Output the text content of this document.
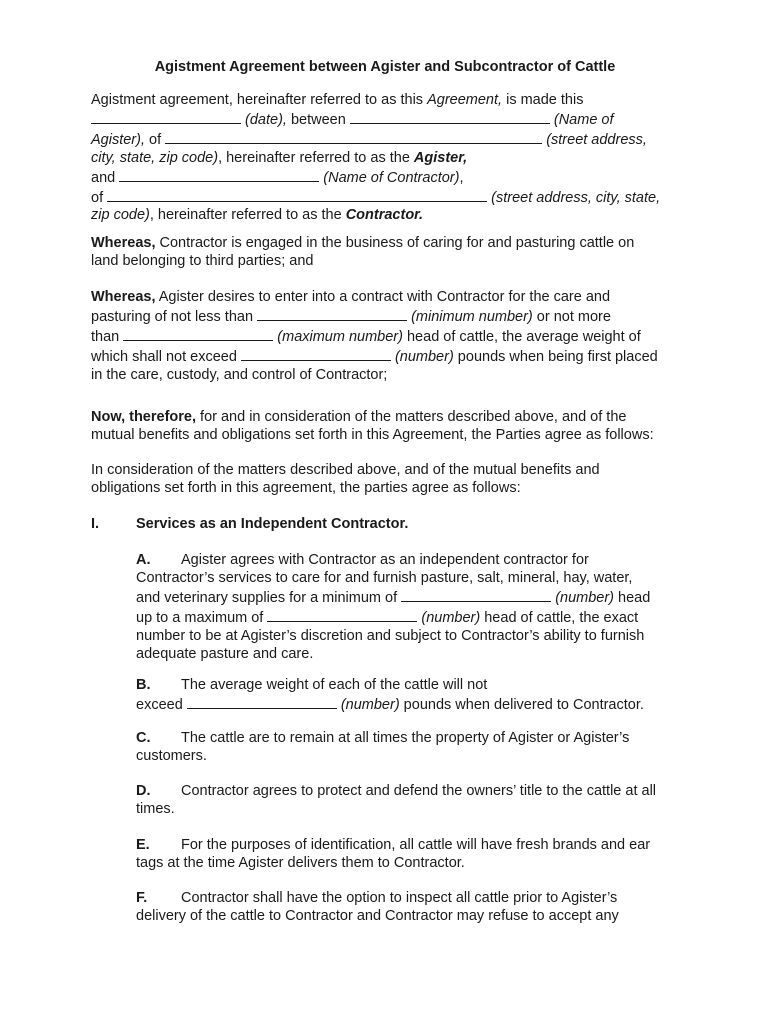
Agistment Agreement between Agister and Subcontractor of Cattle
Agistment agreement, hereinafter referred to as this Agreement, is made this
(date), between	(Name of
Agister), of	(street address,
city, state, zip code), hereinafter referred to as the Agister,
and	(Name of Contractor),
of	(street address, city, state,
zip code), hereinafter referred to as the Contractor.
Whereas, Contractor is engaged in the business of caring for and pasturing cattle on
land belonging to third parties; and
Whereas, Agister desires to enter into a contract with Contractor for the care and
pasturing of not less than	(minimum number) or not more
than	(maximum number) head of cattle, the average weight of
which shall not exceed	(number) pounds when being first placed
in the care, custody, and control of Contractor;
Now, therefore, for and in consideration of the matters described above, and of the
mutual benefits and obligations set forth in this Agreement, the Parties agree as follows:
In consideration of the matters described above, and of the mutual benefits and
obligations set forth in this agreement, the parties agree as follows:
I.	Services as an Independent Contractor.
A. Agister agrees with Contractor as an independent contractor for
Contractor’s services to care for and furnish pasture, salt, mineral, hay, water,
and veterinary supplies for a minimum of	(number) head
up to a maximum of	(number) head of cattle, the exact
number to be at Agister’s discretion and subject to Contractor’s ability to furnish
adequate pasture and care.
B. The average weight of each of the cattle will not
exceed	(number) pounds when delivered to Contractor.
C. The cattle are to remain at all times the property of Agister or Agister’s
customers.
D. Contractor agrees to protect and defend the owners’ title to the cattle at all
times.
E. For the purposes of identification, all cattle will have fresh brands and ear
tags at the time Agister delivers them to Contractor.
F. Contractor shall have the option to inspect all cattle prior to Agister’s
delivery of the cattle to Contractor and Contractor may refuse to accept any
